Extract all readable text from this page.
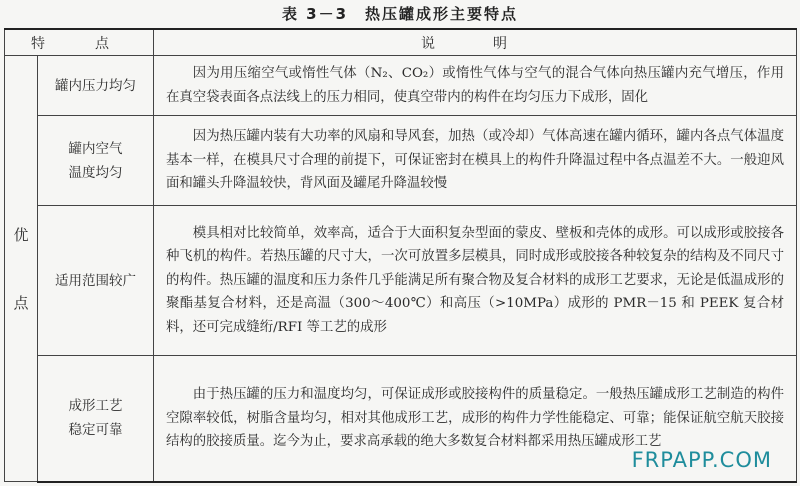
表 3－3　热压罐成形主要特点
特　点		说　明
优

点	罐内压力均匀	因为用压缩空气或惰性气体（N₂、CO₂）或惰性气体与空气的混合气体向热压罐内充气增压，作用在真空袋表面各点法线上的压力相同，使真空带内的构件在均匀压力下成形，固化
	罐内空气
温度均匀	因为热压罐内装有大功率的风扇和导风套，加热（或冷却）气体高速在罐内循环，罐内各点气体温度基本一样，在模具尺寸合理的前提下，可保证密封在模具上的构件升降温过程中各点温差不大。一般迎风面和罐头升降温较快，背风面及罐尾升降温较慢
	适用范围较广	模具相对比较简单，效率高，适合于大面积复杂型面的蒙皮、壁板和壳体的成形。可以成形或胶接各种飞机的构件。若热压罐的尺寸大，一次可放置多层模具，同时成形或胶接各种较复杂的结构及不同尺寸的构件。热压罐的温度和压力条件几乎能满足所有聚合物及复合材料的成形工艺要求，无论是低温成形的聚酯基复合材料，还是高温（300～400℃）和高压（>10MPa）成形的 PMR－15 和 PEEK 复合材料，还可完成缝绗/RFI 等工艺的成形
	成形工艺
稳定可靠	由于热压罐的压力和温度均匀，可保证成形或胶接构件的质量稳定。一般热压罐成形工艺制造的构件空隙率较低，树脂含量均匀，相对其他成形工艺，成形的构件力学性能稳定、可靠；能保证航空航天胶接结构的胶接质量。迄今为止，要求高承载的绝大多数复合材料都采用热压罐成形工艺
FRPAPP.COM
